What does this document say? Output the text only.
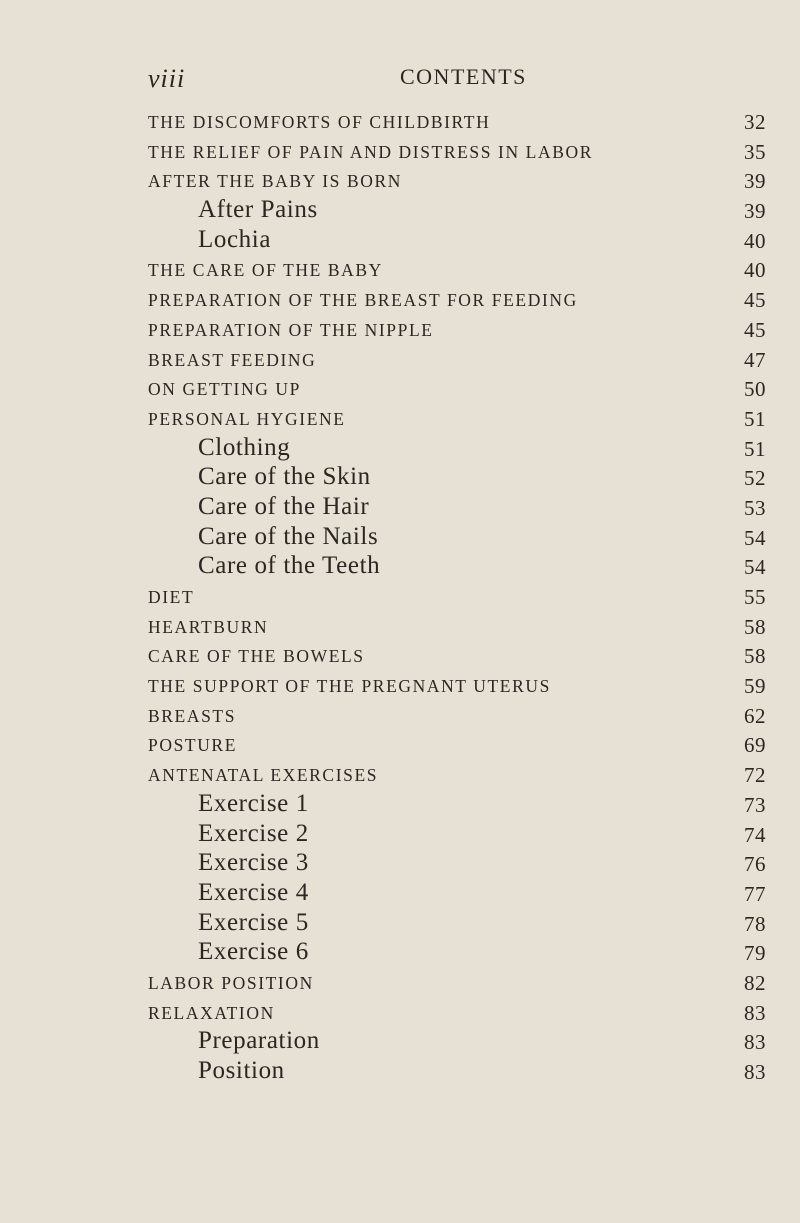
viii	CONTENTS
THE DISCOMFORTS OF CHILDBIRTH	32
THE RELIEF OF PAIN AND DISTRESS IN LABOR	35
AFTER THE BABY IS BORN	39
After Pains	39
Lochia	40
THE CARE OF THE BABY	40
PREPARATION OF THE BREAST FOR FEEDING	45
PREPARATION OF THE NIPPLE	45
BREAST FEEDING	47
ON GETTING UP	50
PERSONAL HYGIENE	51
Clothing	51
Care of the Skin	52
Care of the Hair	53
Care of the Nails	54
Care of the Teeth	54
DIET	55
HEARTBURN	58
CARE OF THE BOWELS	58
THE SUPPORT OF THE PREGNANT UTERUS	59
BREASTS	62
POSTURE	69
ANTENATAL EXERCISES	72
Exercise 1	73
Exercise 2	74
Exercise 3	76
Exercise 4	77
Exercise 5	78
Exercise 6	79
LABOR POSITION	82
RELAXATION	83
Preparation	83
Position	83
